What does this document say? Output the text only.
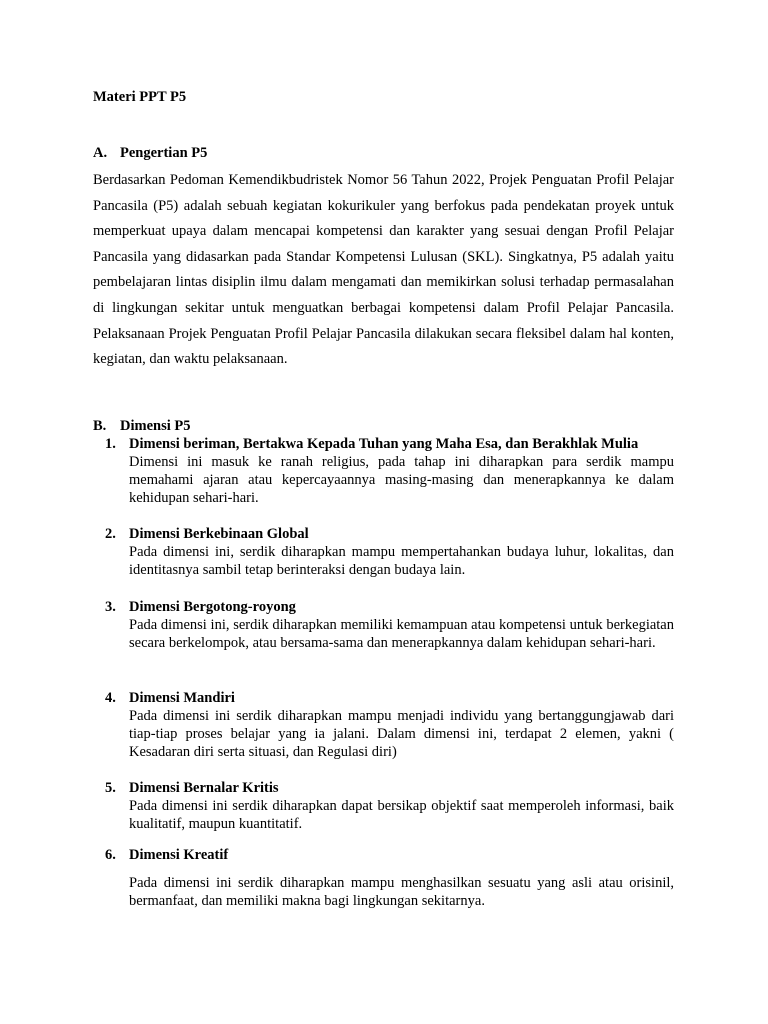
Materi PPT P5
A. Pengertian P5

Berdasarkan Pedoman Kemendikbudristek Nomor 56 Tahun 2022, Projek Penguatan Profil Pelajar Pancasila (P5) adalah sebuah kegiatan kokurikuler yang berfokus pada pendekatan proyek untuk memperkuat upaya dalam mencapai kompetensi dan karakter yang sesuai dengan Profil Pelajar Pancasila yang didasarkan pada Standar Kompetensi Lulusan (SKL). Singkatnya, P5 adalah yaitu pembelajaran lintas disiplin ilmu dalam mengamati dan memikirkan solusi terhadap permasalahan di lingkungan sekitar untuk menguatkan berbagai kompetensi dalam Profil Pelajar Pancasila. Pelaksanaan Projek Penguatan Profil Pelajar Pancasila dilakukan secara fleksibel dalam hal konten, kegiatan, dan waktu pelaksanaan.

B. Dimensi P5
1. Dimensi beriman, Bertakwa Kepada Tuhan yang Maha Esa, dan Berakhlak Mulia

Dimensi ini masuk ke ranah religius, pada tahap ini diharapkan para serdik mampu memahami ajaran atau kepercayaannya masing-masing dan menerapkannya ke dalam kehidupan sehari-hari.

2. Dimensi Berkebinaan Global

Pada dimensi ini, serdik diharapkan mampu mempertahankan budaya luhur, lokalitas, dan identitasnya sambil tetap berinteraksi dengan budaya lain.

3. Dimensi Bergotong-royong

Pada dimensi ini, serdik diharapkan memiliki kemampuan atau kompetensi untuk berkegiatan secara berkelompok, atau bersama-sama dan menerapkannya dalam kehidupan sehari-hari.

4. Dimensi Mandiri

Pada dimensi ini serdik diharapkan mampu menjadi individu yang bertanggungjawab dari tiap-tiap proses belajar yang ia jalani. Dalam dimensi ini, terdapat 2 elemen, yakni ( Kesadaran diri serta situasi, dan Regulasi diri)

5. Dimensi Bernalar Kritis

Pada dimensi ini serdik diharapkan dapat bersikap objektif saat memperoleh informasi, baik kualitatif, maupun kuantitatif.

6. Dimensi Kreatif

Pada dimensi ini serdik diharapkan mampu menghasilkan sesuatu yang asli atau orisinil, bermanfaat, dan memiliki makna bagi lingkungan sekitarnya.
